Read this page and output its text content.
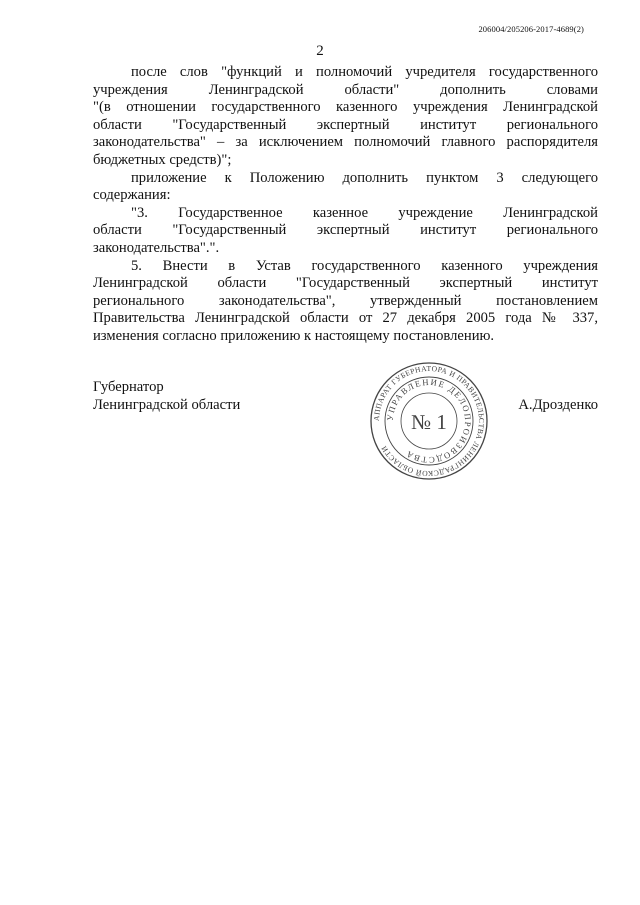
206004/205206-2017-4689(2)
2
после слов "функций и полномочий учредителя государственного
учреждения Ленинградской области" дополнить словами
"(в отношении государственного казенного учреждения Ленинградской
области "Государственный экспертный институт регионального
законодательства" – за исключением полномочий главного распорядителя
бюджетных средств)";
приложение к Положению дополнить пунктом 3 следующего
содержания:
"3. Государственное казенное учреждение Ленинградской
области "Государственный экспертный институт регионального
законодательства".".
5. Внести в Устав государственного казенного учреждения
Ленинградской области "Государственный экспертный институт
регионального законодательства", утвержденный постановлением
Правительства Ленинградской области от 27 декабря 2005 года № 337,
изменения согласно приложению к настоящему постановлению.
Губернатор
Ленинградской области
АППАРАТ ГУБЕРНАТОРА И ПРАВИТЕЛЬСТВА ЛЕНИНГРАДСКОЙ ОБЛАСТИ
УПРАВЛЕНИЕ ДЕЛОПРОИЗВОДСТВА
№ 1
А.Дрозденко
